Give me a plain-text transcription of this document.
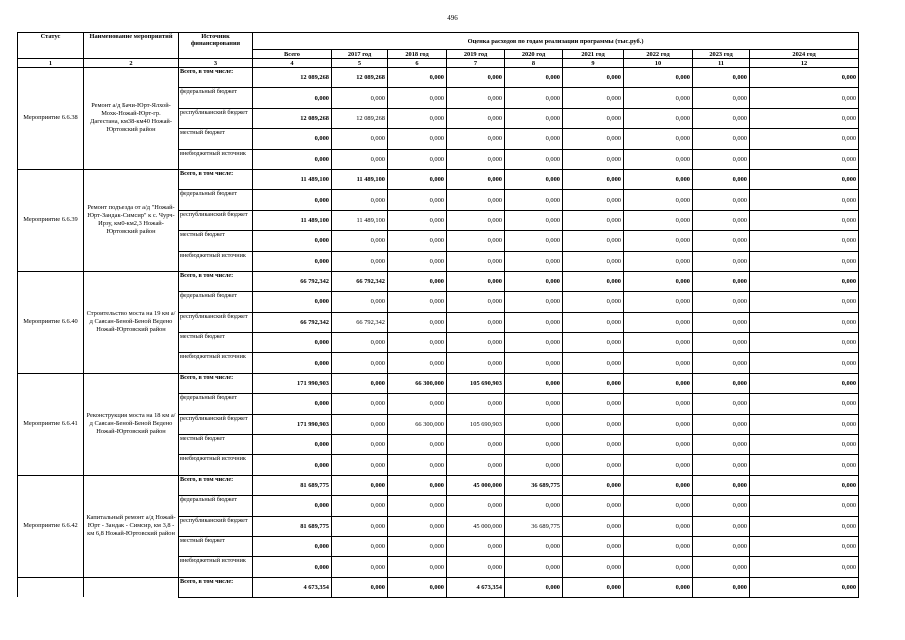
496
Статус	Наименование мероприятий	Источник финансирования	Оценка расходов по годам реализации программы (тыс.руб.)								
			Всего	2017 год	2018 год	2019 год	2020 год	2021 год	2022 год	2023 год	2024 год
1	2	3	4	5	6	7	8	9	10	11	12
Мероприятие 6.6.38	Ремонт а/д Бачи-Юрт-Ялхой-Мохк-Ножай-Юрт-гр. Дагестана, км38-км40 Ножай-Юртовский район	Всего, в том числе:	12 089,268	12 089,268	0,000	0,000	0,000	0,000	0,000	0,000	0,000
		федеральный бюджет	0,000	0,000	0,000	0,000	0,000	0,000	0,000	0,000	0,000
		республиканский бюджет	12 089,268	12 089,268	0,000	0,000	0,000	0,000	0,000	0,000	0,000
		местный бюджет	0,000	0,000	0,000	0,000	0,000	0,000	0,000	0,000	0,000
		внебюджетный источник	0,000	0,000	0,000	0,000	0,000	0,000	0,000	0,000	0,000
Мероприятие 6.6.39	Ремонт подъезда от а/д "Ножай-Юрт-Зандак-Симсир" к с. Чурч-Ирзу, км0-км2,3 Ножай-Юртовский район	Всего, в том числе:	11 489,100	11 489,100	0,000	0,000	0,000	0,000	0,000	0,000	0,000
		федеральный бюджет	0,000	0,000	0,000	0,000	0,000	0,000	0,000	0,000	0,000
		республиканский бюджет	11 489,100	11 489,100	0,000	0,000	0,000	0,000	0,000	0,000	0,000
		местный бюджет	0,000	0,000	0,000	0,000	0,000	0,000	0,000	0,000	0,000
		внебюджетный источник	0,000	0,000	0,000	0,000	0,000	0,000	0,000	0,000	0,000
Мероприятие 6.6.40	Строительство моста на 19 км а/д Саясан-Беной-Беной Ведено Ножай-Юртовский район	Всего, в том числе:	66 792,342	66 792,342	0,000	0,000	0,000	0,000	0,000	0,000	0,000
		федеральный бюджет	0,000	0,000	0,000	0,000	0,000	0,000	0,000	0,000	0,000
		республиканский бюджет	66 792,342	66 792,342	0,000	0,000	0,000	0,000	0,000	0,000	0,000
		местный бюджет	0,000	0,000	0,000	0,000	0,000	0,000	0,000	0,000	0,000
		внебюджетный источник	0,000	0,000	0,000	0,000	0,000	0,000	0,000	0,000	0,000
Мероприятие 6.6.41	Реконструкция моста на 18 км а/д Саясан-Беной-Беной Ведено Ножай-Юртовский район	Всего, в том числе:	171 990,903	0,000	66 300,000	105 690,903	0,000	0,000	0,000	0,000	0,000
		федеральный бюджет	0,000	0,000	0,000	0,000	0,000	0,000	0,000	0,000	0,000
		республиканский бюджет	171 990,903	0,000	66 300,000	105 690,903	0,000	0,000	0,000	0,000	0,000
		местный бюджет	0,000	0,000	0,000	0,000	0,000	0,000	0,000	0,000	0,000
		внебюджетный источник	0,000	0,000	0,000	0,000	0,000	0,000	0,000	0,000	0,000
Мероприятие 6.6.42	Капитальный ремонт а/д Ножай-Юрт - Зандак - Симсир, км 3,8 - км 6,8 Ножай-Юртовский район	Всего, в том числе:	81 689,775	0,000	0,000	45 000,000	36 689,775	0,000	0,000	0,000	0,000
		федеральный бюджет	0,000	0,000	0,000	0,000	0,000	0,000	0,000	0,000	0,000
		республиканский бюджет	81 689,775	0,000	0,000	45 000,000	36 689,775	0,000	0,000	0,000	0,000
		местный бюджет	0,000	0,000	0,000	0,000	0,000	0,000	0,000	0,000	0,000
		внебюджетный источник	0,000	0,000	0,000	0,000	0,000	0,000	0,000	0,000	0,000
		Всего, в том числе:	4 673,354	0,000	0,000	4 673,354	0,000	0,000	0,000	0,000	0,000
